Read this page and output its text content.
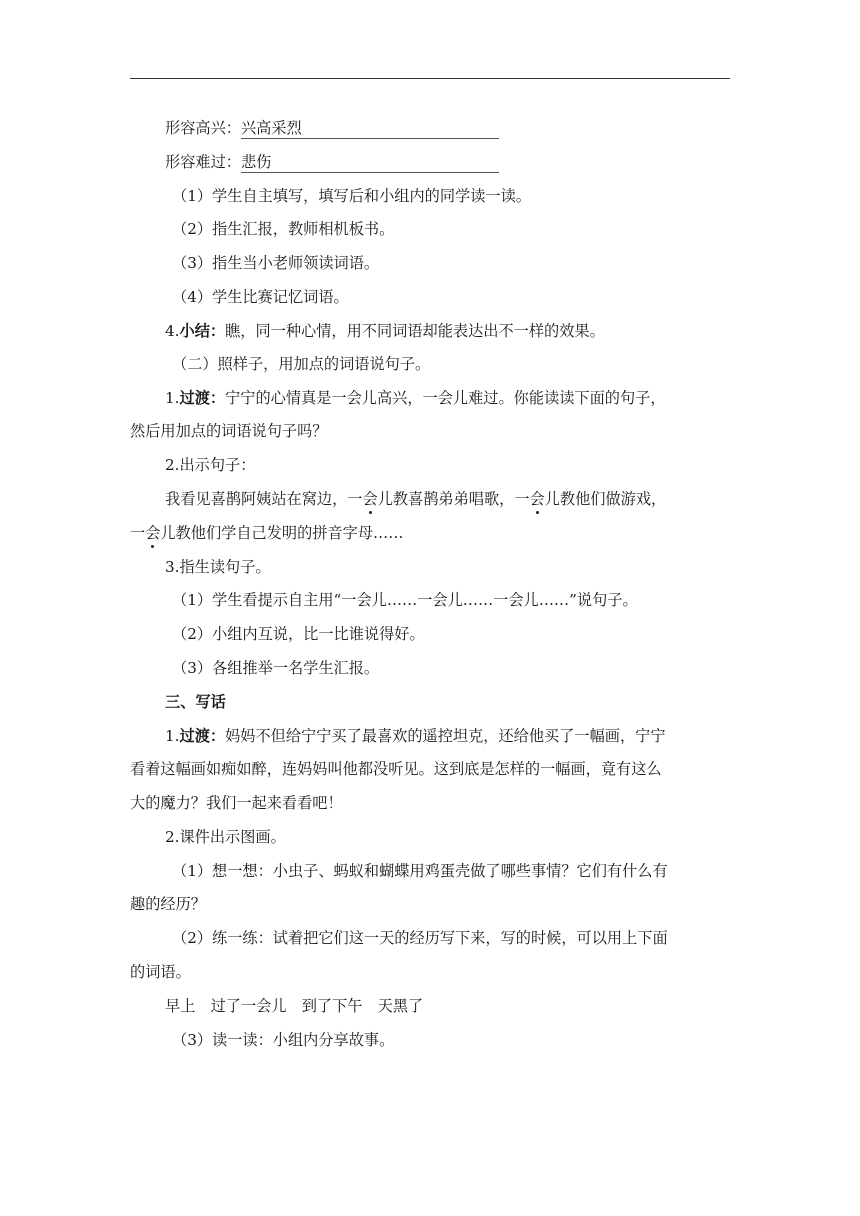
形容高兴：兴高采烈
形容难过：悲伤
（1）学生自主填写，填写后和小组内的同学读一读。
（2）指生汇报，教师相机板书。
（3）指生当小老师领读词语。
（4）学生比赛记忆词语。
4.小结：瞧，同一种心情，用不同词语却能表达出不一样的效果。
（二）照样子，用加点的词语说句子。
1.过渡：宁宁的心情真是一会儿高兴，一会儿难过。你能读读下面的句子，
然后用加点的词语说句子吗？
2.出示句子：
我看见喜鹊阿姨站在窝边，一会儿教喜鹊弟弟唱歌，一会儿教他们做游戏，
一会儿教他们学自己发明的拼音字母……
3.指生读句子。
（1）学生看提示自主用“一会儿……一会儿……一会儿……”说句子。
（2）小组内互说，比一比谁说得好。
（3）各组推举一名学生汇报。
三、写话
1.过渡：妈妈不但给宁宁买了最喜欢的遥控坦克，还给他买了一幅画，宁宁
看着这幅画如痴如醉，连妈妈叫他都没听见。这到底是怎样的一幅画，竟有这么
大的魔力？我们一起来看看吧！
2.课件出示图画。
（1）想一想：小虫子、蚂蚁和蝴蝶用鸡蛋壳做了哪些事情？它们有什么有
趣的经历？
（2）练一练：试着把它们这一天的经历写下来，写的时候，可以用上下面
的词语。
早上　过了一会儿　到了下午　天黑了
（3）读一读：小组内分享故事。
